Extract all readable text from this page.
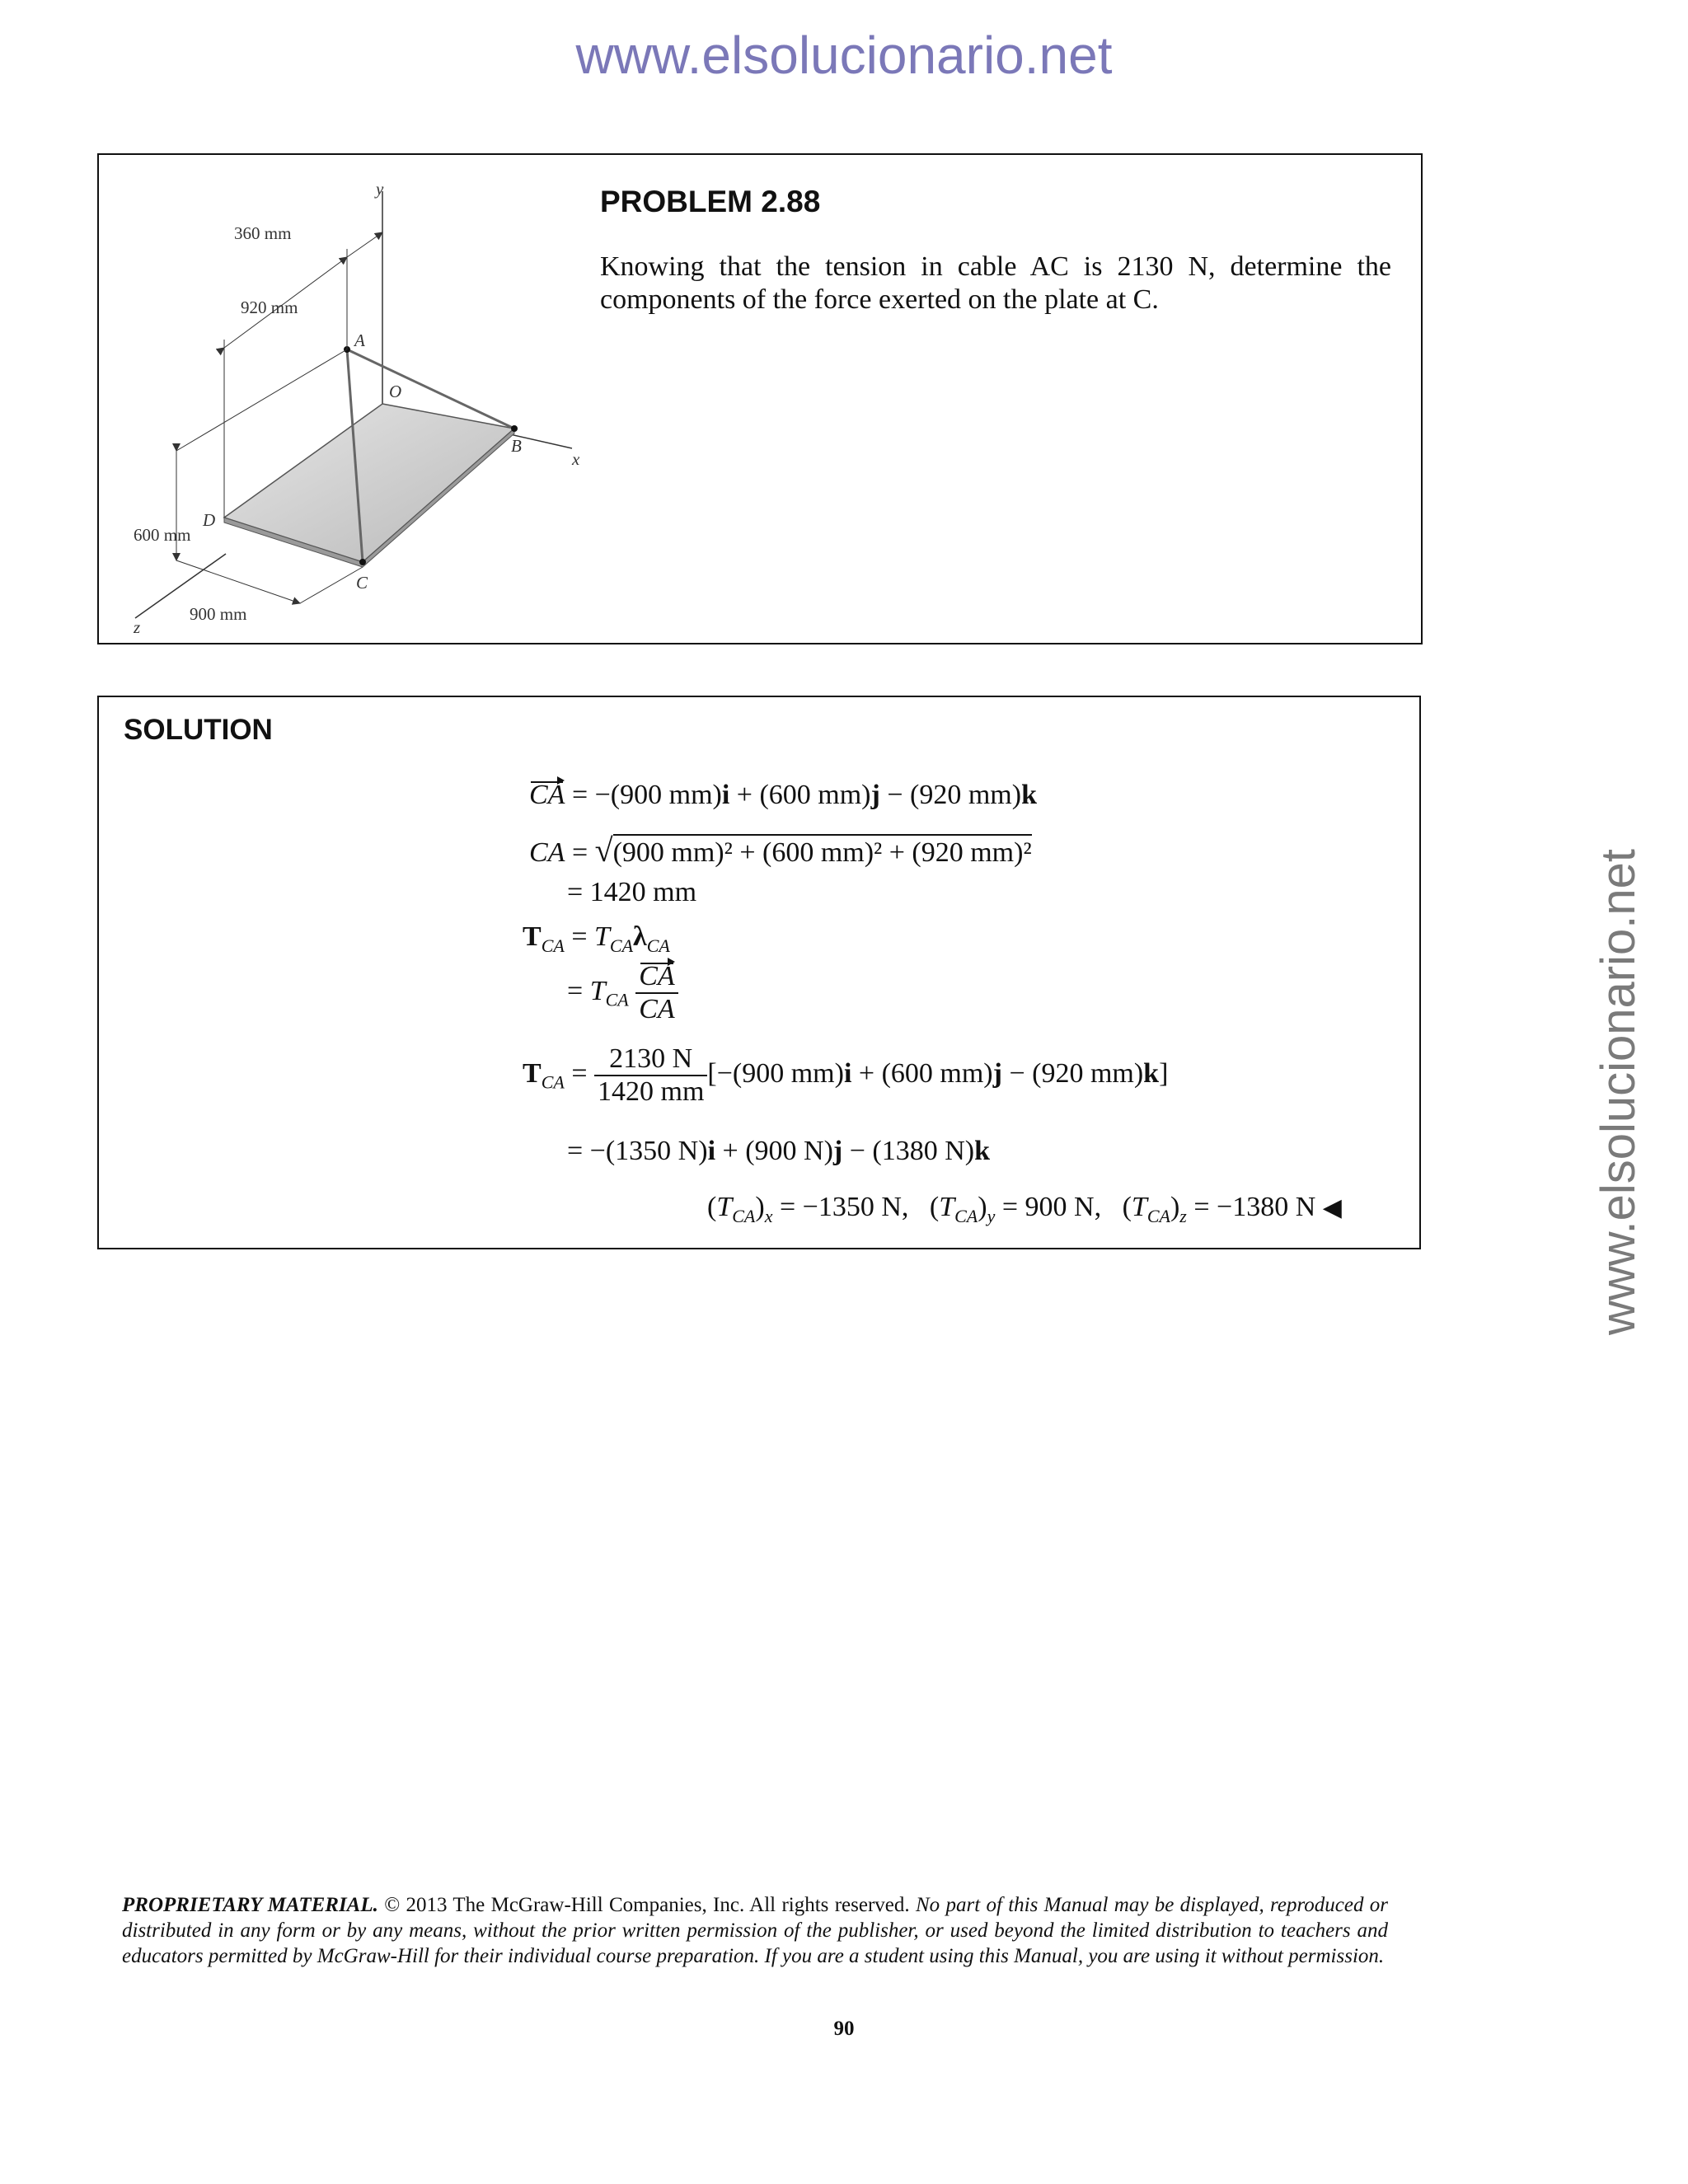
www.elsolucionario.net
www.elsolucionario.net
360 mm
920 mm
600 mm
900 mm
y
x
z
A
O
B
C
D
PROBLEM 2.88
Knowing that the tension in cable AC is 2130 N, determine the components of the force exerted on the plate at C.
SOLUTION
CA = −(900 mm)i + (600 mm)j − (920 mm)k
CA = √(900 mm)² + (600 mm)² + (920 mm)²
= 1420 mm
$T_{CA} = T_{CA}\lambda_{CA}$
= $T_{CA} \frac{CA}{CA}$
$T_{CA} = \frac{2130 N}{1420 mm} [-(900$ mm)i + (600 mm)j − (920 mm)k]
= −(1350 N)i + (900 N)j − (1380 N)k
$(T_{CA})_x = -1350$ N,   $(T_{CA})_y = 900$ N,   $(T_{CA})_z = -1380$ N ◀
PROPRIETARY MATERIAL. © 2013 The McGraw-Hill Companies, Inc. All rights reserved. No part of this Manual may be displayed, reproduced or distributed in any form or by any means, without the prior written permission of the publisher, or used beyond the limited distribution to teachers and educators permitted by McGraw-Hill for their individual course preparation. If you are a student using this Manual, you are using it without permission.
90
